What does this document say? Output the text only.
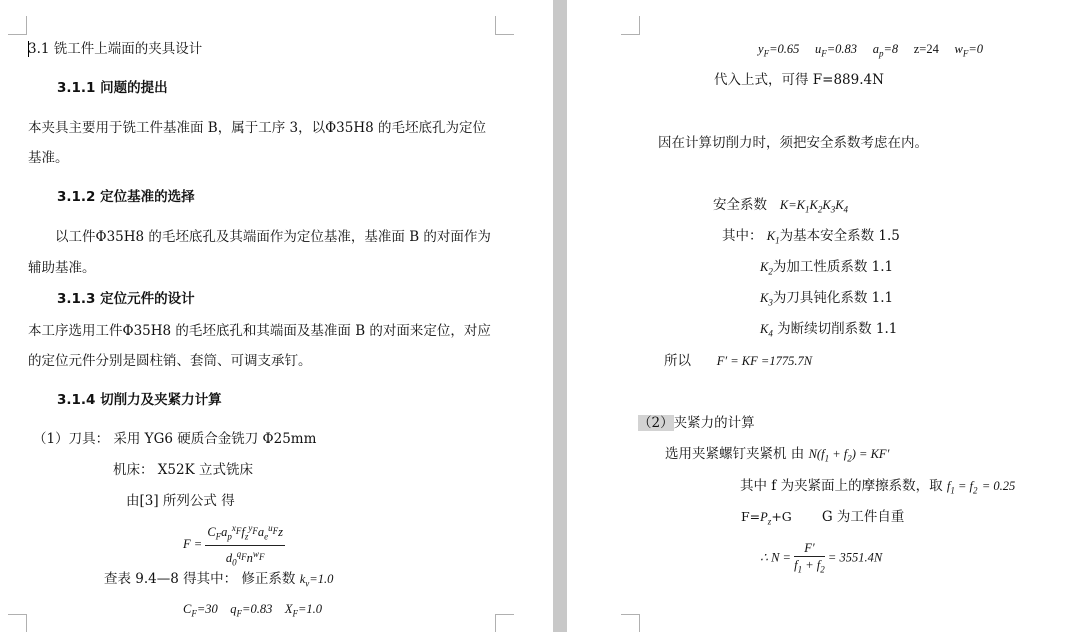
3.1 铣工件上端面的夹具设计
3.1.1 问题的提出
本夹具主要用于铣工件基准面 B，属于工序 3，以Φ35H8 的毛坯底孔为定位
基准。
3.1.2 定位基准的选择
以工件Φ35H8 的毛坯底孔及其端面作为定位基准，基准面 B 的对面作为
辅助基准。
3.1.3 定位元件的设计
本工序选用工件Φ35H8 的毛坯底孔和其端面及基准面 B 的对面来定位，对应
的定位元件分别是圆柱销、套筒、可调支承钉。
3.1.4 切削力及夹紧力计算
（1）刀具： 采用 YG6 硬质合金铣刀 Φ25mm
机床： X52K 立式铣床
由[3] 所列公式 得
$F = \frac{C_Fa_p^{x_F}f_z^{y_F}a_e^{u_F}z}{d_0^{q_F}n^{w_F}}$
查表 9.4—8 得其中： 修正系数 $k_v=1.0$
$C_F=30$ $q_F=0.83$ $X_F=1.0$
$y_F=0.65$ $u_F=0.83$ $a_p=8$ z=24 $w_F=0$
代入上式，可得 F=889.4N
因在计算切削力时，须把安全系数考虑在内。
安全系数 $K=K_1K_2K_3K_4$
其中： $K_1$为基本安全系数 1.5
$K_2$为加工性质系数 1.1
$K_3$为刀具钝化系数 1.1
$K_4$ 为断续切削系数 1.1
所以 F′ = KF =1775.7N
（2）夹紧力的计算
选用夹紧螺钉夹紧机 由 $N(f_1 + f_2) = KF'$
其中 f 为夹紧面上的摩擦系数，取 $f_1 = f_2 = 0.25$
$F=P_z+G$ G 为工件自重
∴ $N = \frac{F'}{f_1 + f_2} = 3551.4N$
